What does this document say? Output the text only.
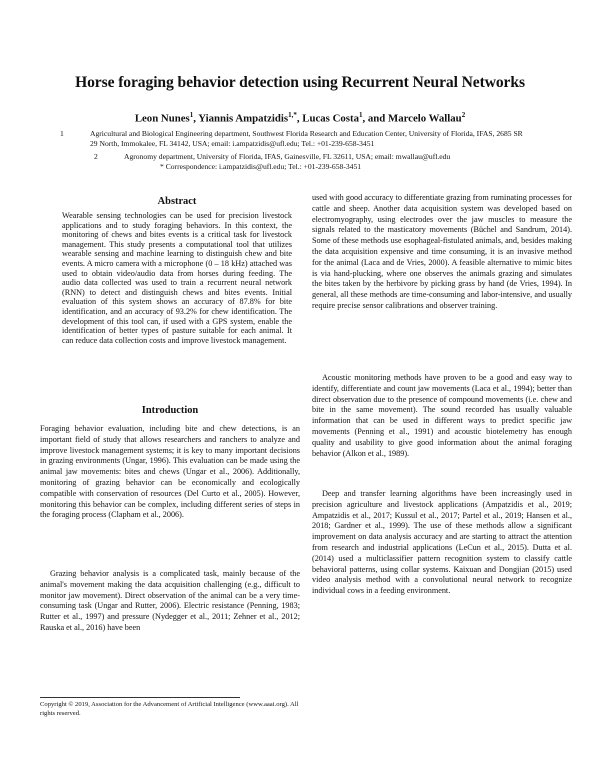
Horse foraging behavior detection using Recurrent Neural Networks
Leon Nunes$^1$, Yiannis Ampatzidis$^{1,*}$, Lucas Costa$^1$, and Marcelo Wallau$^2$
1	Agricultural and Biological Engineering department, Southwest Florida Research and Education Center, University of Florida, IFAS, 2685 SR 29 North, Immokalee, FL 34142, USA; email: i.ampatzidis@ufl.edu; Tel.: +01-239-658-3451
2	Agronomy department, University of Florida, IFAS, Gainesville, FL 32611, USA; email: mwallau@ufl.edu
* Correspondence: i.ampatzidis@ufl.edu; Tel.: +01-239-658-3451
Abstract
Wearable sensing technologies can be used for precision livestock applications and to study foraging behaviors. In this context, the monitoring of chews and bites events is a critical task for livestock management. This study presents a computational tool that utilizes wearable sensing and machine learning to distinguish chew and bite events. A micro camera with a microphone (0 – 18 kHz) attached was used to obtain video/audio data from horses during feeding. The audio data collected was used to train a recurrent neural network (RNN) to detect and distinguish chews and bites events. Initial evaluation of this system shows an accuracy of 87.8% for bite identification, and an accuracy of 93.2% for chew identification. The development of this tool can, if used with a GPS system, enable the identification of better types of pasture suitable for each animal. It can reduce data collection costs and improve livestock management.
Introduction
Foraging behavior evaluation, including bite and chew detections, is an important field of study that allows researchers and ranchers to analyze and improve livestock management systems; it is key to many important decisions in grazing environments (Ungar, 1996). This evaluation can be made using the animal jaw movements: bites and chews (Ungar et al., 2006). Additionally, monitoring of grazing behavior can be economically and ecologically compatible with conservation of resources (Del Curto et al., 2005). However, monitoring this behavior can be complex, including different series of steps in the foraging process (Clapham et al., 2006).
Grazing behavior analysis is a complicated task, mainly because of the animal's movement making the data acquisition challenging (e.g., difficult to monitor jaw movement). Direct observation of the animal can be a very time-consuming task (Ungar and Rutter, 2006). Electric resistance (Penning, 1983; Rutter et al., 1997) and pressure (Nydegger et al., 2011; Zehner et al., 2012; Rauska et al., 2016) have been
used with good accuracy to differentiate grazing from ruminating processes for cattle and sheep. Another data acquisition system was developed based on electromyography, using electrodes over the jaw muscles to measure the signals related to the masticatory movements (Büchel and Sandrum, 2014). Some of these methods use esophageal-fistulated animals, and, besides making the data acquisition expensive and time consuming, it is an invasive method for the animal (Laca and de Vries, 2000). A feasible alternative to mimic bites is via hand-plucking, where one observes the animals grazing and simulates the bites taken by the herbivore by picking grass by hand (de Vries, 1994). In general, all these methods are time-consuming and labor-intensive, and usually require precise sensor calibrations and observer training.
Acoustic monitoring methods have proven to be a good and easy way to identify, differentiate and count jaw movements (Laca et al., 1994); better than direct observation due to the presence of compound movements (i.e. chew and bite in the same movement). The sound recorded has usually valuable information that can be used in different ways to predict specific jaw movements (Penning et al., 1991) and acoustic biotelemetry has enough quality and usability to give good information about the animal foraging behavior (Alkon et al., 1989).
Deep and transfer learning algorithms have been increasingly used in precision agriculture and livestock applications (Ampatzidis et al., 2019; Ampatzidis et al., 2017; Kussul et al., 2017; Partel et al., 2019; Hansen et al., 2018; Gardner et al., 1999). The use of these methods allow a significant improvement on data analysis accuracy and are starting to attract the attention from research and industrial applications (LeCun et al., 2015). Dutta et al. (2014) used a multiclassifier pattern recognition system to classify cattle behavioral patterns, using collar systems. Kaixuan and Dongjian (2015) used video analysis method with a convolutional neural network to recognize individual cows in a feeding environment.
Copyright © 2019, Association for the Advancement of Artificial Intelligence (www.aaai.org). All rights reserved.
